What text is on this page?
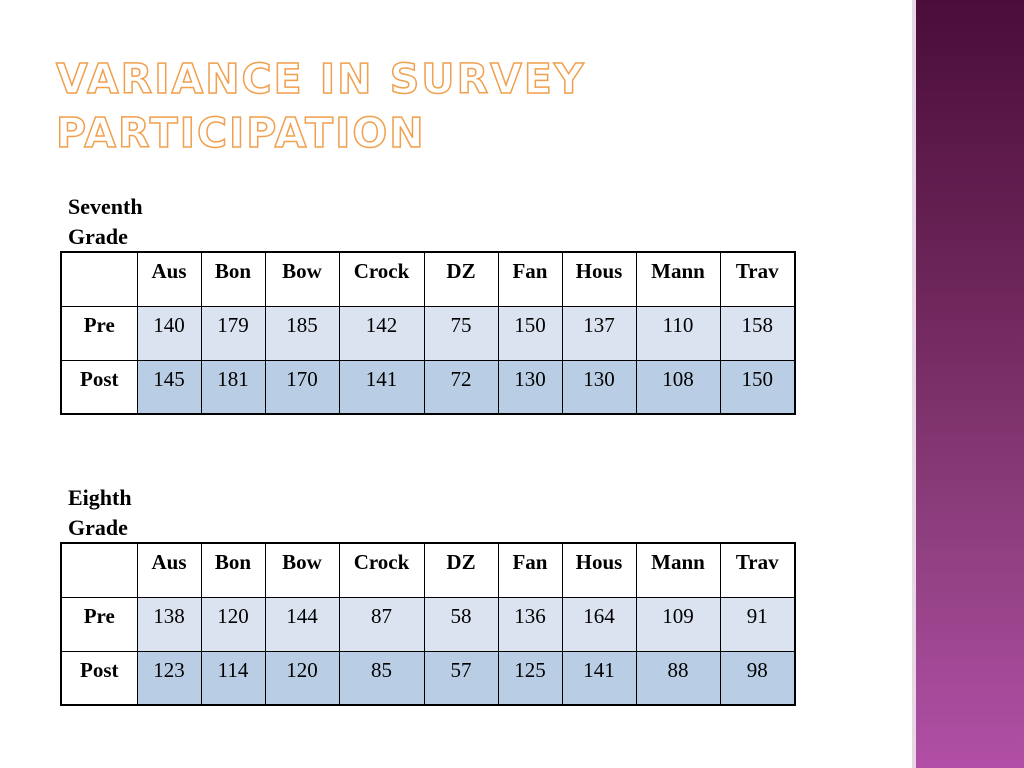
VARIANCE IN SURVEY PARTICIPATION
Seventh
Grade
	Aus	Bon	Bow	Crock	DZ	Fan	Hous	Mann	Trav
Pre	140	179	185	142	75	150	137	110	158
Post	145	181	170	141	72	130	130	108	150
Eighth
Grade
	Aus	Bon	Bow	Crock	DZ	Fan	Hous	Mann	Trav
Pre	138	120	144	87	58	136	164	109	91
Post	123	114	120	85	57	125	141	88	98
